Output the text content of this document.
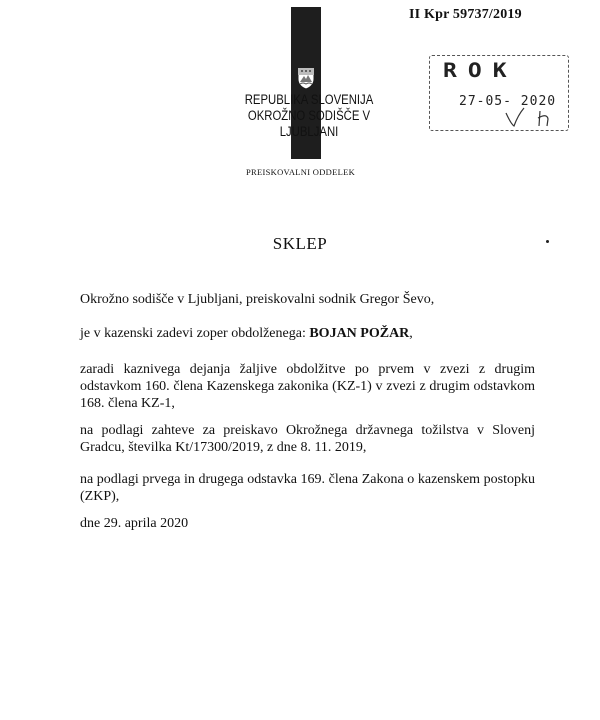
II Kpr 59737/2019
REPUBLIKA SLOVENIJA
OKROŽNO SODIŠČE V LJUBLJANI
PREISKOVALNI ODDELEK
ROK
27-05- 2020
SKLEP
Okrožno sodišče v Ljubljani, preiskovalni sodnik Gregor Ševo,
je v kazenski zadevi zoper obdolženega: BOJAN POŽAR,
zaradi kaznivega dejanja žaljive obdolžitve po prvem v zvezi z drugim odstavkom 160. člena Kazenskega zakonika (KZ-1) v zvezi z drugim odstavkom 168. člena KZ-1,
na podlagi zahteve za preiskavo Okrožnega državnega tožilstva v Slovenj Gradcu, številka Kt/17300/2019, z dne 8. 11. 2019,
na podlagi prvega in drugega odstavka 169. člena Zakona o kazenskem postopku (ZKP),
dne 29. aprila 2020
